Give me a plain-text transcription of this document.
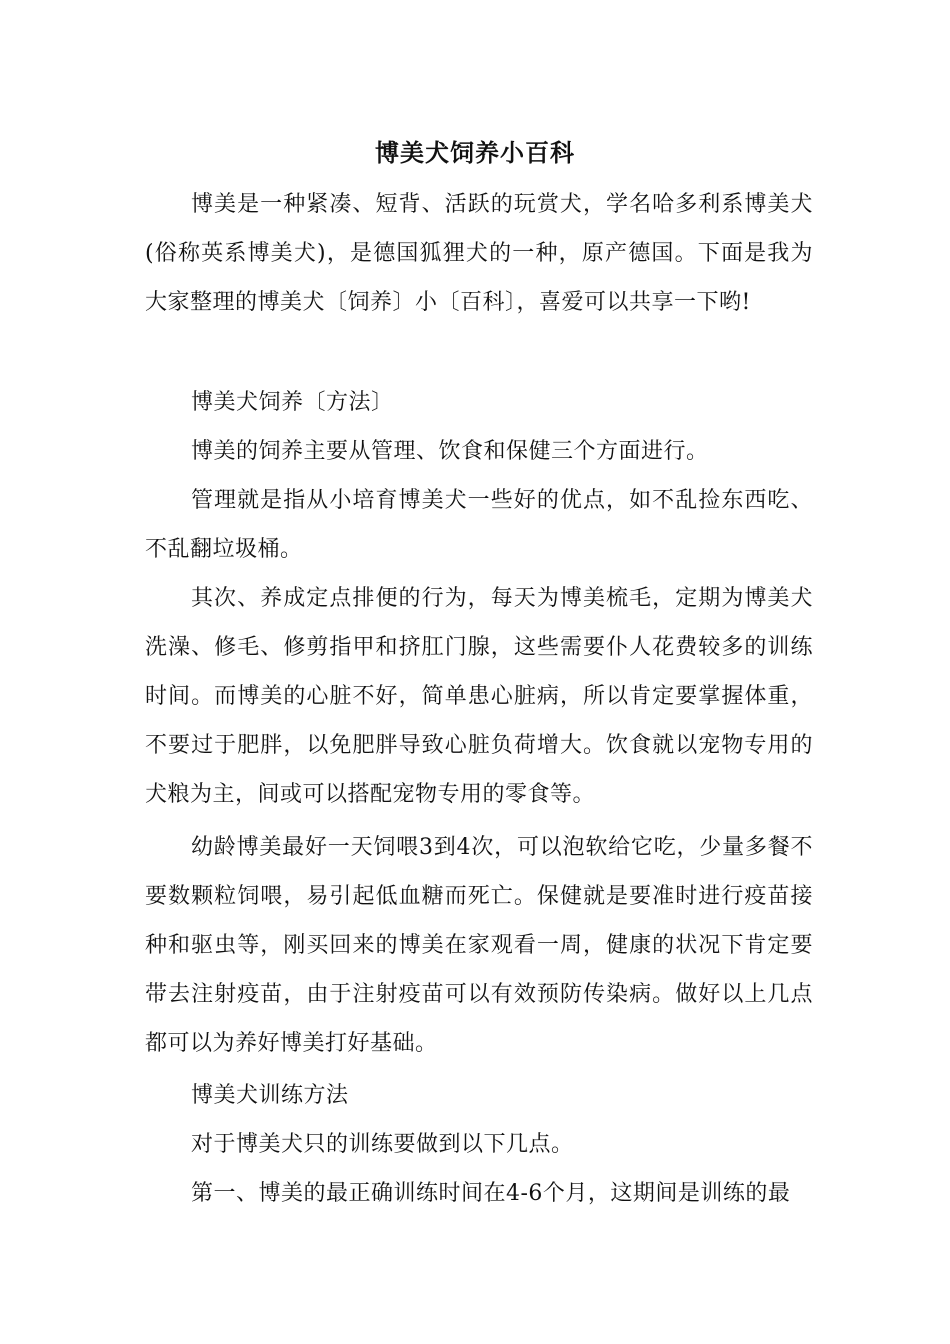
博美犬饲养小百科

博美是一种紧凑、短背、活跃的玩赏犬，学名哈多利系博美犬(俗称英系博美犬)，是德国狐狸犬的一种，原产德国。下面是我为大家整理的博美犬〔饲养〕小〔百科〕，喜爱可以共享一下哟!

博美犬饲养〔方法〕

博美的饲养主要从管理、饮食和保健三个方面进行。

管理就是指从小培育博美犬一些好的优点，如不乱捡东西吃、不乱翻垃圾桶。

其次、养成定点排便的行为，每天为博美梳毛，定期为博美犬洗澡、修毛、修剪指甲和挤肛门腺，这些需要仆人花费较多的训练时间。而博美的心脏不好，简单患心脏病，所以肯定要掌握体重，不要过于肥胖，以免肥胖导致心脏负荷增大。饮食就以宠物专用的犬粮为主，间或可以搭配宠物专用的零食等。

幼龄博美最好一天饲喂3到4次，可以泡软给它吃，少量多餐不要数颗粒饲喂，易引起低血糖而死亡。保健就是要准时进行疫苗接种和驱虫等，刚买回来的博美在家观看一周，健康的状况下肯定要带去注射疫苗，由于注射疫苗可以有效预防传染病。做好以上几点都可以为养好博美打好基础。

博美犬训练方法

对于博美犬只的训练要做到以下几点。

第一、博美的最正确训练时间在4-6个月，这期间是训练的最
